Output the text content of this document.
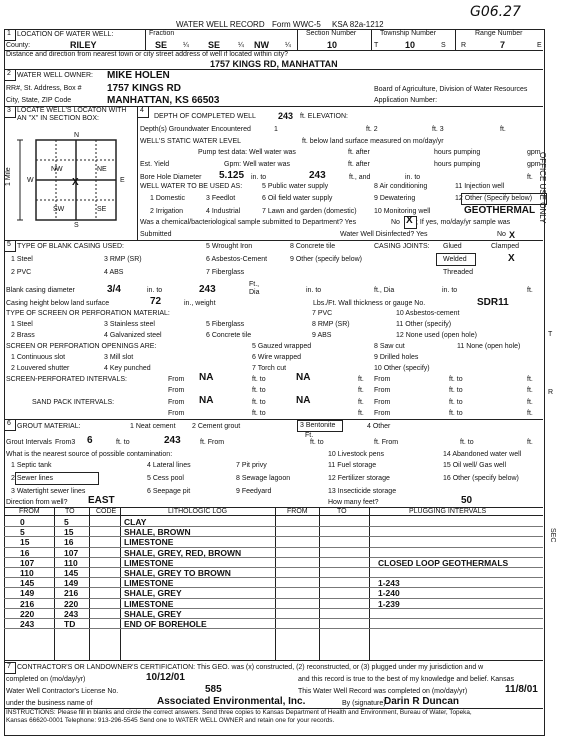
G06.27
WATER WELL RECORD Form WWC-5 KSA 82a-1212
1 LOCATION OF WATER WELL:
County:	RILEY
Fraction
SE ¼ SE	¼ NW ¼
Section Number
10
Township Number
T	10	S
Range Number
R	7	E
Distance and direction from nearest town or city street address of well if located within city?
1757 KINGS RD, MANHATTAN
2 WATER WELL OWNER: MIKE HOLEN
RR#, St. Address, Box #	1757 KINGS RD
City, State, ZIP Code	MANHATTAN, KS 66503
Board of Agriculture, Division of Water Resources
Application Number:
3 LOCATE WELL'S LOCATON WITH AN "X" IN SECTION BOX:
N
S
W	E
NW	NE
SW	SE
X
1 Mile
4
DEPTH OF COMPLETED WELL 243 ft. ELEVATION:
Depth(s) Groundwater Encountered	1	ft. 2	ft. 3	ft.
WELL'S STATIC WATER LEVEL	ft. below land surface measured on mo/day/yr
Pump test data: Well water was	ft. after	hours pumping	gpm
Est. Yield	Gpm: Well water was	ft. after	hours pumping	gpm
Bore Hole Diameter 5.125 in. to	243	ft., and	in. to	ft.
WELL WATER TO BE USED AS:
1 Domestic
2 Irrigation
3 Feedlot
4 Industrial
5 Public water supply
6 Oil field water supply
7 Lawn and garden (domestic)
8 Air conditioning
9 Dewatering
10 Monitoring well
11 Injection well
12 Other (Specify below)
GEOTHERMAL
Was a chemical/bacteriological sample submitted to Department? Yes	No X ; If yes, mo/day/yr sample was
Submitted	Water Well Disinfected? Yes	No X
5 TYPE OF BLANK CASING USED:
1 Steel
2 PVC
3 RMP (SR)
4 ABS
5 Wrought Iron
6 Asbestos-Cement
7 Fiberglass
8 Concrete tile
9 Other (specify below)
CASING JOINTS: Glued	Clamped
Welded	X
Threaded
Blank casing diameter	3/4	in. to	243	Ft., Dia	in. to	ft., Dia	in. to	ft.
Casing height below land surface	72	in., weight	Lbs./Ft. Wall thickness or gauge No.	SDR11
TYPE OF SCREEN OR PERFORATION MATERIAL:
1 Steel
2 Brass
3 Stainless steel
4 Galvanized steel
5 Fiberglass
6 Concrete tile
7 PVC
8 RMP (SR)
9 ABS
10 Asbestos-cement
11 Other (specify)
12 None used (open hole)
SCREEN OR PERFORATION OPENINGS ARE:
1 Continuous slot
2 Louvered shutter
3 Mill slot
4 Key punched
5 Gauzed wrapped
6 Wire wrapped
7 Torch cut
8 Saw cut
9 Drilled holes
10 Other (specify)
11 None (open hole)
SCREEN-PERFORATED INTERVALS:	From NA	ft. to	NA	ft. From	ft. to	ft.
From	ft. to	ft. From	ft. to	ft.
SAND PACK INTERVALS:	From NA	ft. to	NA	ft. From	ft. to	ft.
From	ft. to	ft. From	ft. to	ft.
6 GROUT MATERIAL:	1 Neat cement 2 Cement grout	3 Bentonite	4 Other
Grout Intervals From3 6	ft. to	243	ft. From
Ft.
ft. to	ft. From	ft. to	ft.
What is the nearest source of possible contamination:
1 Septic tank
2 Sewer lines
3 Watertight sewer lines
4 Lateral lines
5 Cess pool
6 Seepage pit
7 Pit privy
8 Sewage lagoon
9 Feedyard
10 Livestock pens
11 Fuel storage
12 Fertilizer storage
13 Insecticide storage
14 Abandoned water well
15 Oil well/ Gas well
16 Other (specify below)
Direction from well? EAST	How many feet?	50
FROM	TO	CODE	LITHOLOGIC LOG	FROM	TO	PLUGGING INTERVALS
0	5	CLAY
5	15	SHALE, BROWN
15	16	LIMESTONE
16	107	SHALE, GREY, RED, BROWN
107	110	LIMESTONE	CLOSED LOOP GEOTHERMALS
110	145	SHALE, GREY TO BROWN
145	149	LIMESTONE	1-243
149	216	SHALE, GREY	1-240
216	220	LIMESTONE	1-239
220	243	SHALE, GREY
243	TD	END OF BOREHOLE
7 CONTRACTOR'S OR LANDOWNER'S CERTIFICATION: This GEO. was (x) constructed, (2) reconstructed, or (3) plugged under my jurisdiction and w
completed on (mo/day/yr)	10/12/01	and this record is true to the best of my knowledge and belief. Kansas
Water Well Contractor's License No.	585	This Water Well Record was completed on (mo/day/yr)	11/8/01
under the business name of	Associated Environmental, Inc.	By (signature)
Darin R Duncan
INSTRUCTIONS: Please fill in blanks and circle the correct answers. Send three copies to Kansas Department of Health and Environment, Bureau of Water, Topeka,
Kansas 66620-0001 Telephone: 913-296-5545 Send one to WATER WELL OWNER and retain one for your records.
OFFICE USE ONLY
T
R
SEC
